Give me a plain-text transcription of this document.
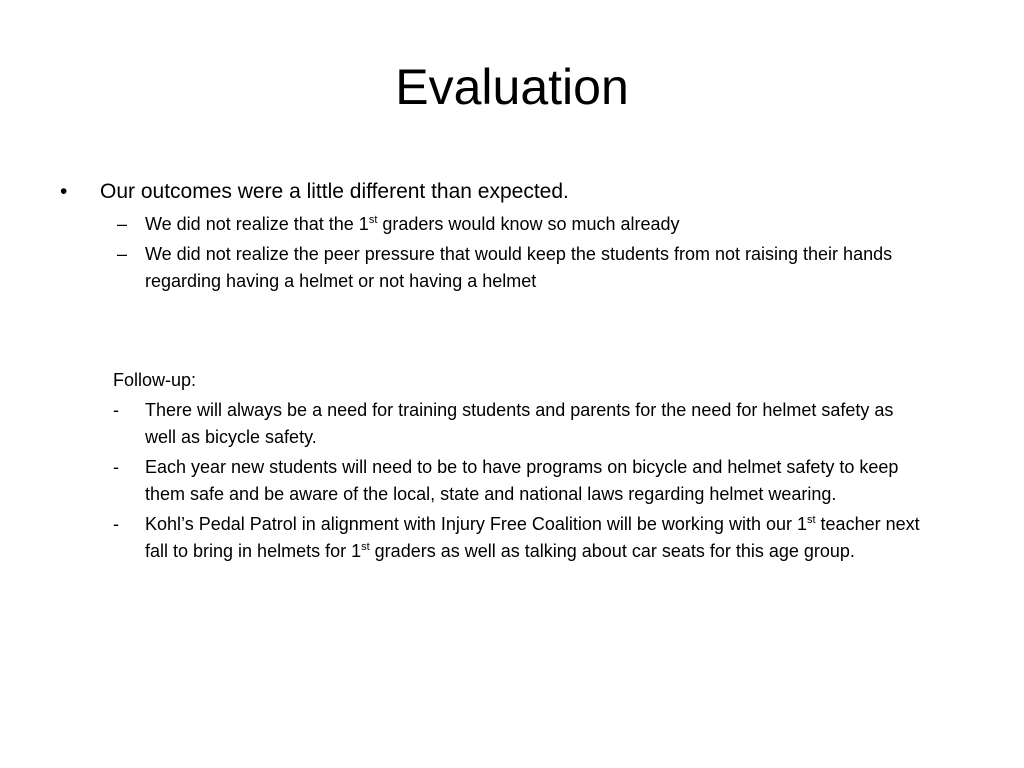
Evaluation
•	Our outcomes were a little different than expected.
– We did not realize that the 1st graders would know so much already
– We did not realize the peer pressure that would keep the students from not raising their hands regarding having a helmet or not having a helmet
Follow-up:
- There will always be a need for training students and parents for the need for helmet safety as well as bicycle safety.
- Each year new students will need to be to have programs on bicycle and helmet safety to keep them safe and be aware of the local, state and national laws regarding helmet wearing.
- Kohl’s Pedal Patrol in alignment with Injury Free Coalition will be working with our 1st teacher next fall to bring in helmets for 1st graders as well as talking about car seats for this age group.
